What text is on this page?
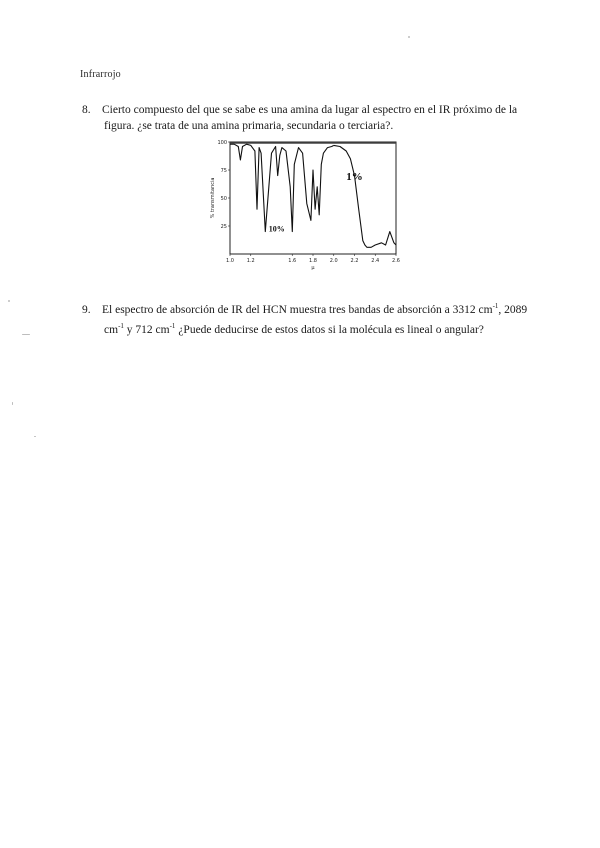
Infrarrojo
8. Cierto compuesto del que se sabe es una amina da lugar al espectro en el IR próximo de la
figura. ¿se trata de una amina primaria, secundaria o terciaria?.
100
75
50
25
1.0	1.2	1.6	1.8	2.0	2.2	2.4	2.6
% transmitancia
μ
10%
1%
9. El espectro de absorción de IR del HCN muestra tres bandas de absorción a 3312 $cm^{-1}$, 2089
$cm^{-1}$ y 712 $cm^{-1}$ ¿Puede deducirse de estos datos si la molécula es lineal o angular?
